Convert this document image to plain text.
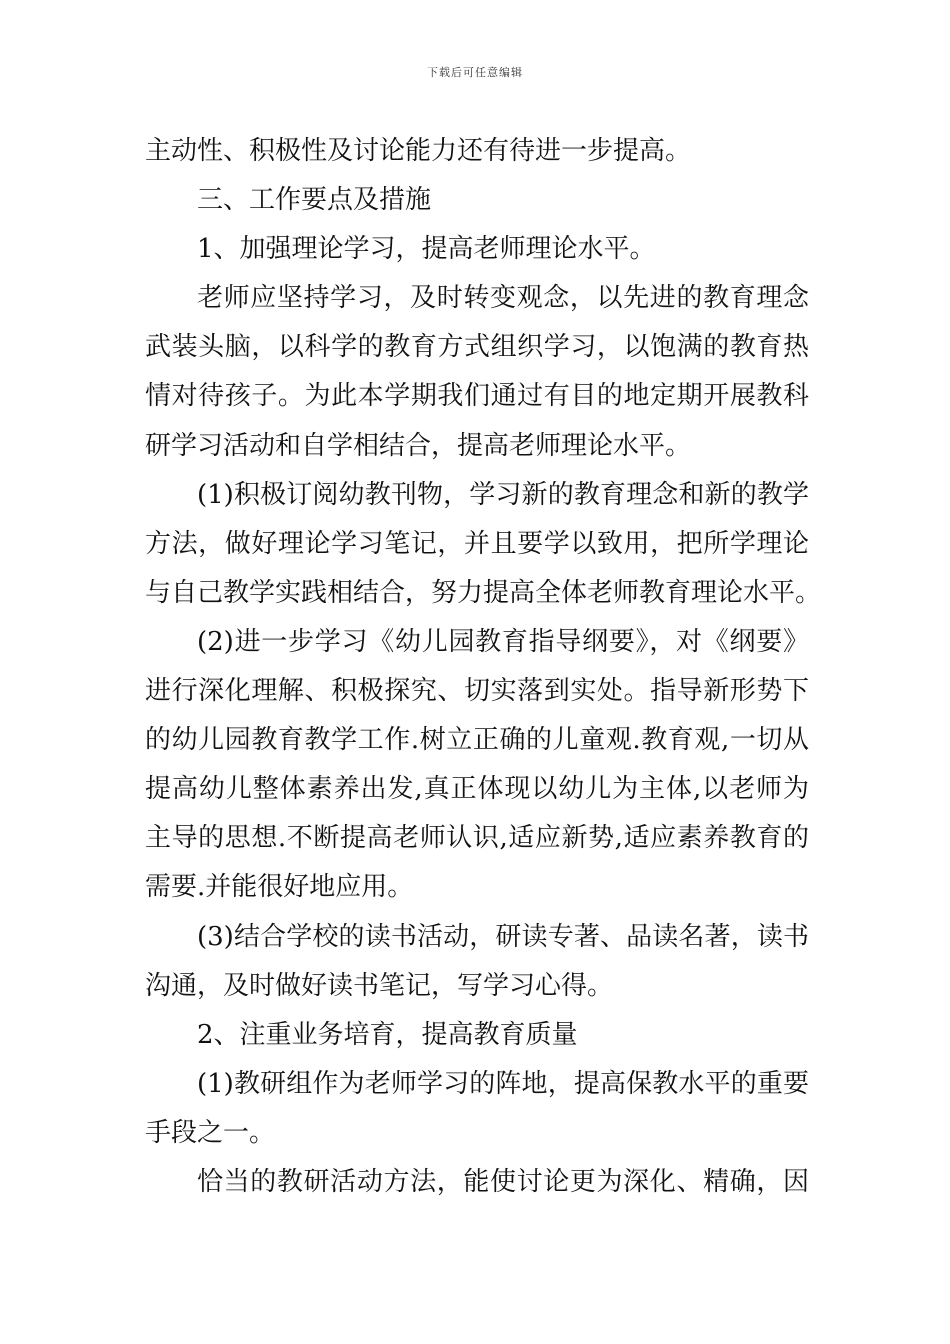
下载后可任意编辑
主动性、积极性及讨论能力还有待进一步提高。
三、工作要点及措施
1、加强理论学习，提高老师理论水平。
老师应坚持学习，及时转变观念，以先进的教育理念
武装头脑，以科学的教育方式组织学习，以饱满的教育热
情对待孩子。为此本学期我们通过有目的地定期开展教科
研学习活动和自学相结合，提高老师理论水平。
(1)积极订阅幼教刊物，学习新的教育理念和新的教学
方法，做好理论学习笔记，并且要学以致用，把所学理论
与自己教学实践相结合，努力提高全体老师教育理论水平。
(2)进一步学习《幼儿园教育指导纲要》，对《纲要》
进行深化理解、积极探究、切实落到实处。指导新形势下
的幼儿园教育教学工作.树立正确的儿童观.教育观,一切从
提高幼儿整体素养出发,真正体现以幼儿为主体,以老师为
主导的思想.不断提高老师认识,适应新势,适应素养教育的
需要.并能很好地应用。
(3)结合学校的读书活动，研读专著、品读名著，读书
沟通，及时做好读书笔记，写学习心得。
2、注重业务培育，提高教育质量
(1)教研组作为老师学习的阵地，提高保教水平的重要
手段之一。
恰当的教研活动方法，能使讨论更为深化、精确，因
